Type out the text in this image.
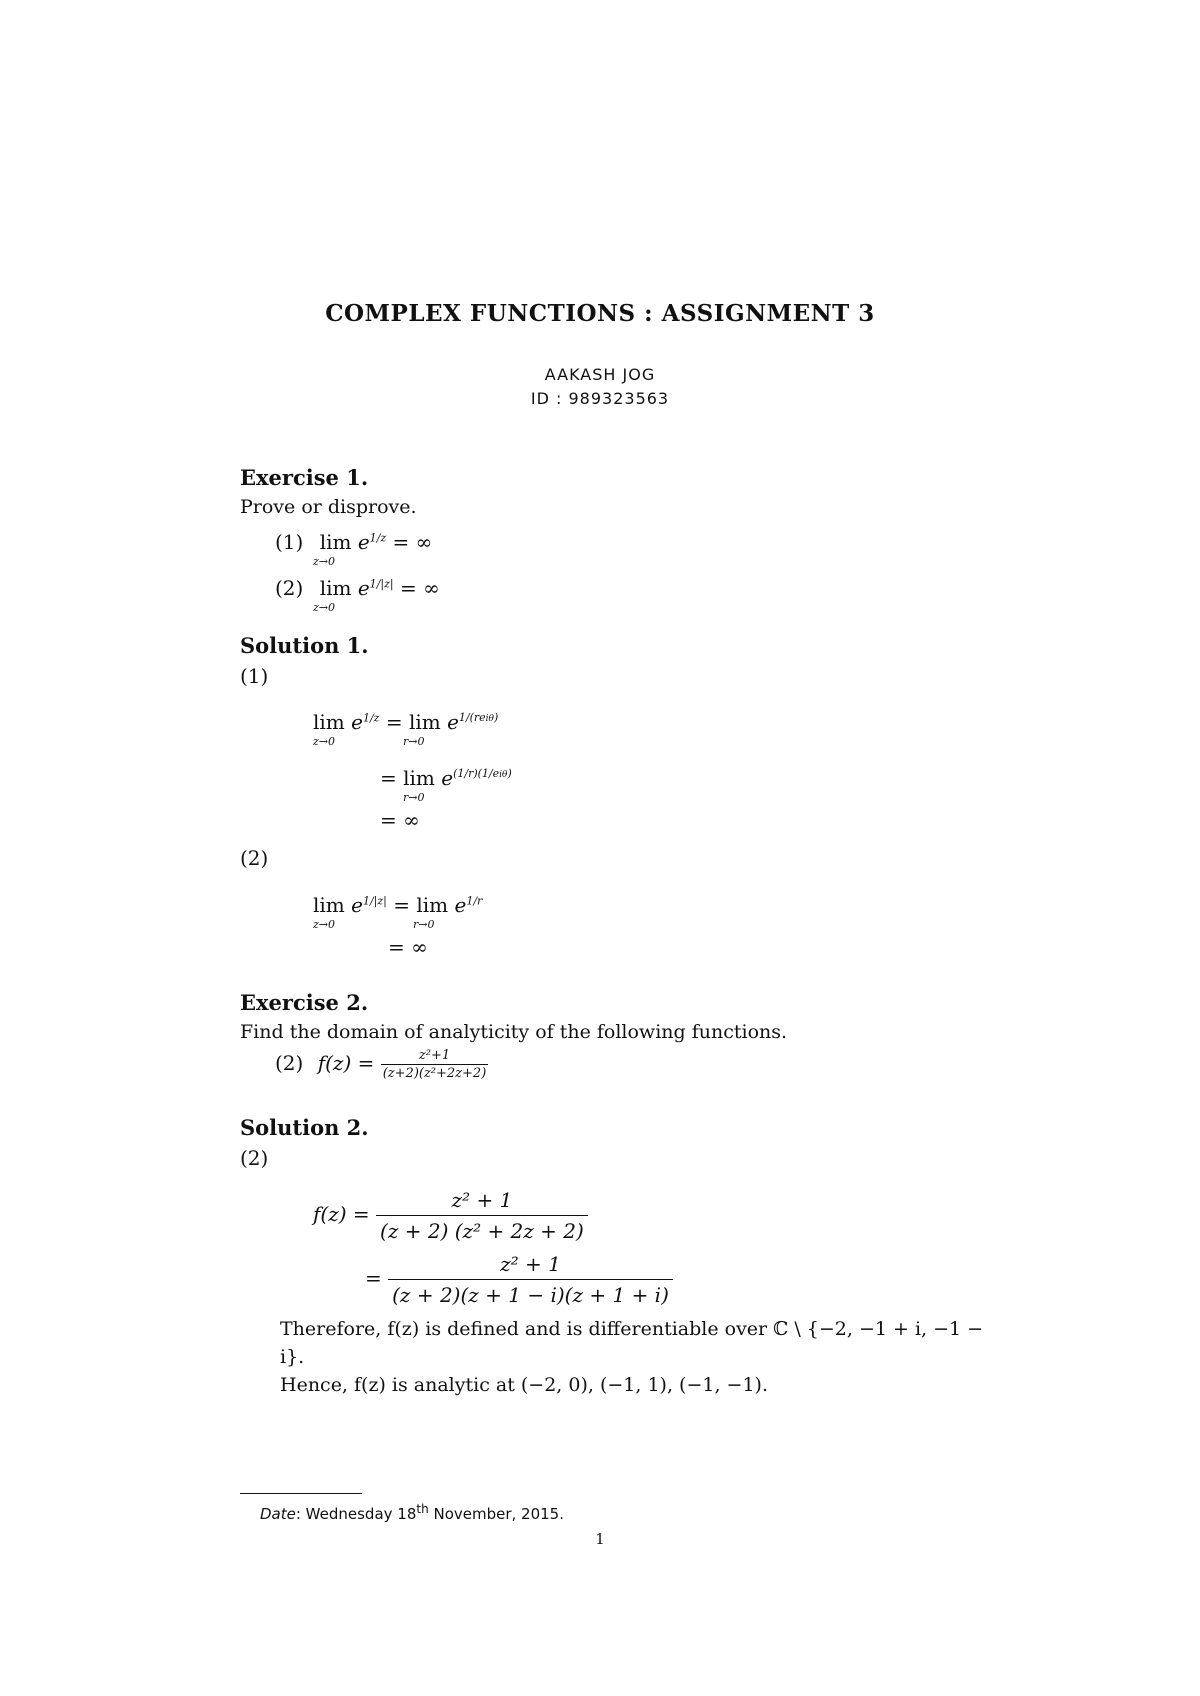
COMPLEX FUNCTIONS : ASSIGNMENT 3
AAKASH JOG
ID : 989323563
Exercise 1.
Prove or disprove.
(1) $\lim e^{1/z}$ = ∞
z→0
(2) $\lim e^{1/|z|}$ = ∞
z→0
Solution 1.
(1)
$\lim e^{1/z} = \lim e^{1/(rei\theta)}$
z→0	r→0
= $\lim e^{(1/r)(1/ei\theta)}$
r→0
= ∞
(2)
$\lim e^{1/|z|} = \lim e^{1/r}$
z→0	r→0
= ∞
Exercise 2.
Find the domain of analyticity of the following functions.
(2) $f(z) = \frac{\text{z²+1}}{\text{(z+2)(z²+2z+2)}}$
Solution 2.
(2)
$f(z) = \frac{\text{z² + 1}}{\text{(z + 2) (z² + 2z + 2)}}$
= $\frac{\text{z² + 1}}{(z + 2)(z + 1 - i)(z + 1 + i)}$
Therefore, f(z) is defined and is differentiable over ℂ \ {−2, −1 + i, −1 −
i}.
Hence, f(z) is analytic at (−2, 0), (−1, 1), (−1, −1).
Date: Wednesday 18th November, 2015.
1
